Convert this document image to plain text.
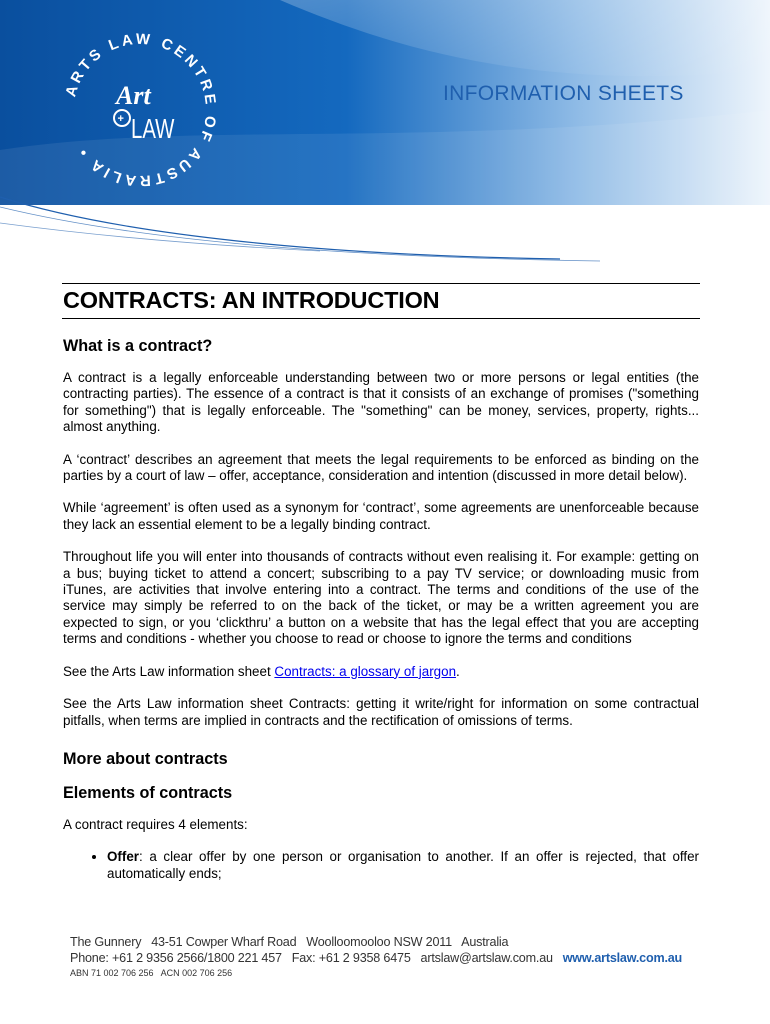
ARTS LAW CENTRE OF AUSTRALIA •
Art
+ LAW
INFORMATION SHEETS
CONTRACTS: AN INTRODUCTION
What is a contract?

A contract is a legally enforceable understanding between two or more persons or legal entities (the contracting parties). The essence of a contract is that it consists of an exchange of promises ("something for something") that is legally enforceable. The "something" can be money, services, property, rights... almost anything.

A ‘contract’ describes an agreement that meets the legal requirements to be enforced as binding on the parties by a court of law – offer, acceptance, consideration and intention (discussed in more detail below).

While ‘agreement’ is often used as a synonym for ‘contract’, some agreements are unenforceable because they lack an essential element to be a legally binding contract.

Throughout life you will enter into thousands of contracts without even realising it. For example: getting on a bus; buying ticket to attend a concert; subscribing to a pay TV service; or downloading music from iTunes, are activities that involve entering into a contract. The terms and conditions of the use of the service may simply be referred to on the back of the ticket, or may be a written agreement you are expected to sign, or you ‘clickthru’ a button on a website that has the legal effect that you are accepting terms and conditions - whether you choose to read or choose to ignore the terms and conditions

See the Arts Law information sheet Contracts: a glossary of jargon.

See the Arts Law information sheet Contracts: getting it write/right for information on some contractual pitfalls, when terms are implied in contracts and the rectification of omissions of terms.

More about contracts
Elements of contracts

A contract requires 4 elements:

• Offer: a clear offer by one person or organisation to another. If an offer is rejected, that offer automatically ends;
The Gunnery   43-51 Cowper Wharf Road   Woolloomooloo NSW 2011   Australia
Phone: +61 2 9356 2566/1800 221 457   Fax: +61 2 9358 6475   artslaw@artslaw.com.au   www.artslaw.com.au
ABN 71 002 706 256   ACN 002 706 256
